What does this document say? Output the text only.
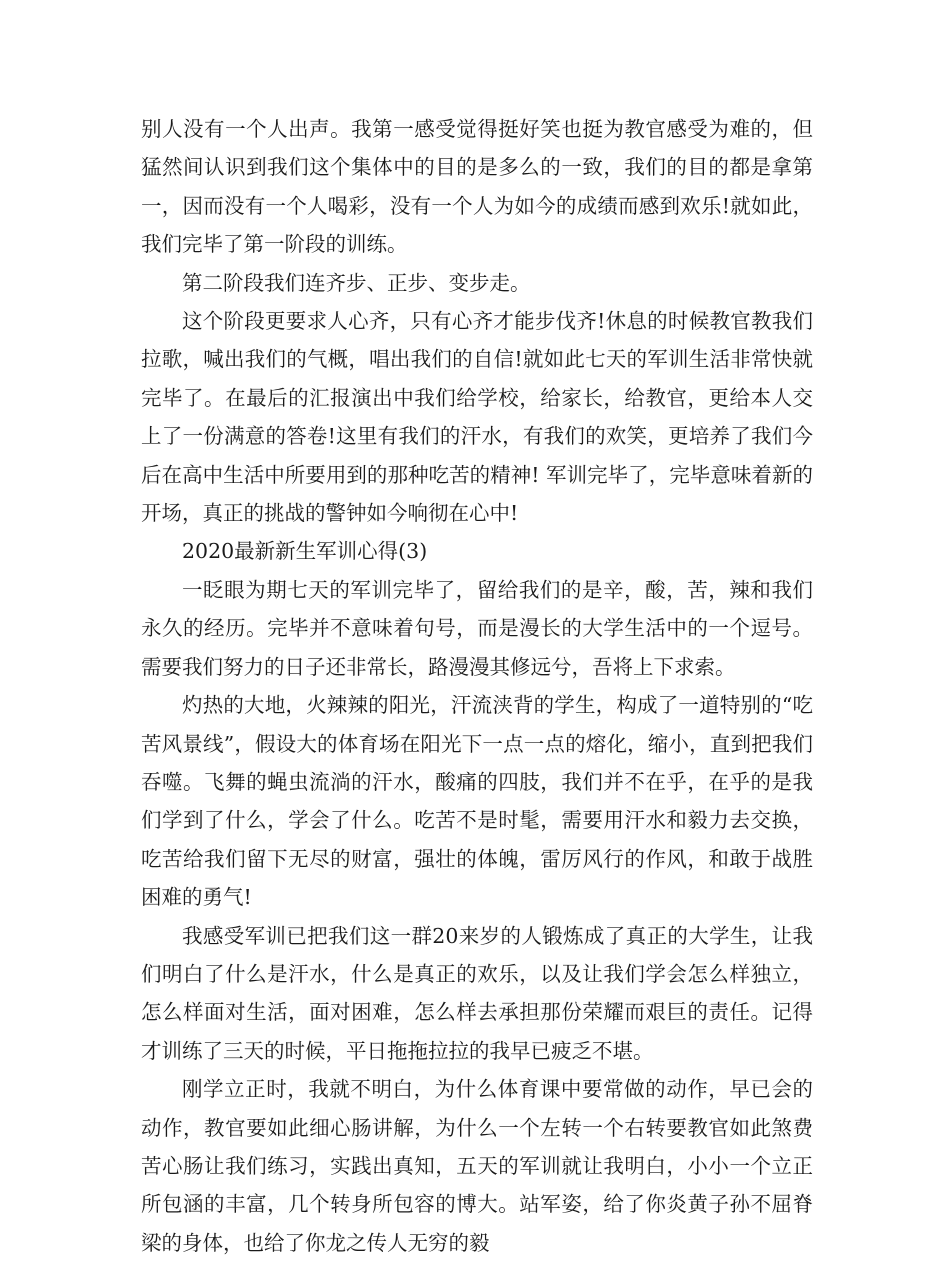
别人没有一个人出声。我第一感受觉得挺好笑也挺为教官感受为难的，但猛然间认识到我们这个集体中的目的是多么的一致，我们的目的都是拿第一，因而没有一个人喝彩，没有一个人为如今的成绩而感到欢乐!就如此，我们完毕了第一阶段的训练。

第二阶段我们连齐步、正步、变步走。

这个阶段更要求人心齐，只有心齐才能步伐齐!休息的时候教官教我们拉歌，喊出我们的气概，唱出我们的自信!就如此七天的军训生活非常快就完毕了。在最后的汇报演出中我们给学校，给家长，给教官，更给本人交上了一份满意的答卷!这里有我们的汗水，有我们的欢笑，更培养了我们今后在高中生活中所要用到的那种吃苦的精神! 军训完毕了，完毕意味着新的开场，真正的挑战的警钟如今响彻在心中!

2020最新新生军训心得(3)

一眨眼为期七天的军训完毕了，留给我们的是辛，酸，苦，辣和我们永久的经历。完毕并不意味着句号，而是漫长的大学生活中的一个逗号。需要我们努力的日子还非常长，路漫漫其修远兮，吾将上下求索。

灼热的大地，火辣辣的阳光，汗流浃背的学生，构成了一道特别的“吃苦风景线”，假设大的体育场在阳光下一点一点的熔化，缩小，直到把我们吞噬。飞舞的蝇虫流淌的汗水，酸痛的四肢，我们并不在乎，在乎的是我们学到了什么，学会了什么。吃苦不是时髦，需要用汗水和毅力去交换，吃苦给我们留下无尽的财富，强壮的体魄，雷厉风行的作风，和敢于战胜困难的勇气!

我感受军训已把我们这一群20来岁的人锻炼成了真正的大学生，让我们明白了什么是汗水，什么是真正的欢乐，以及让我们学会怎么样独立，怎么样面对生活，面对困难，怎么样去承担那份荣耀而艰巨的责任。记得才训练了三天的时候，平日拖拖拉拉的我早已疲乏不堪。

刚学立正时，我就不明白，为什么体育课中要常做的动作，早已会的动作，教官要如此细心肠讲解，为什么一个左转一个右转要教官如此煞费苦心肠让我们练习，实践出真知，五天的军训就让我明白，小小一个立正所包涵的丰富，几个转身所包容的博大。站军姿，给了你炎黄子孙不屈脊梁的身体，也给了你龙之传人无穷的毅
